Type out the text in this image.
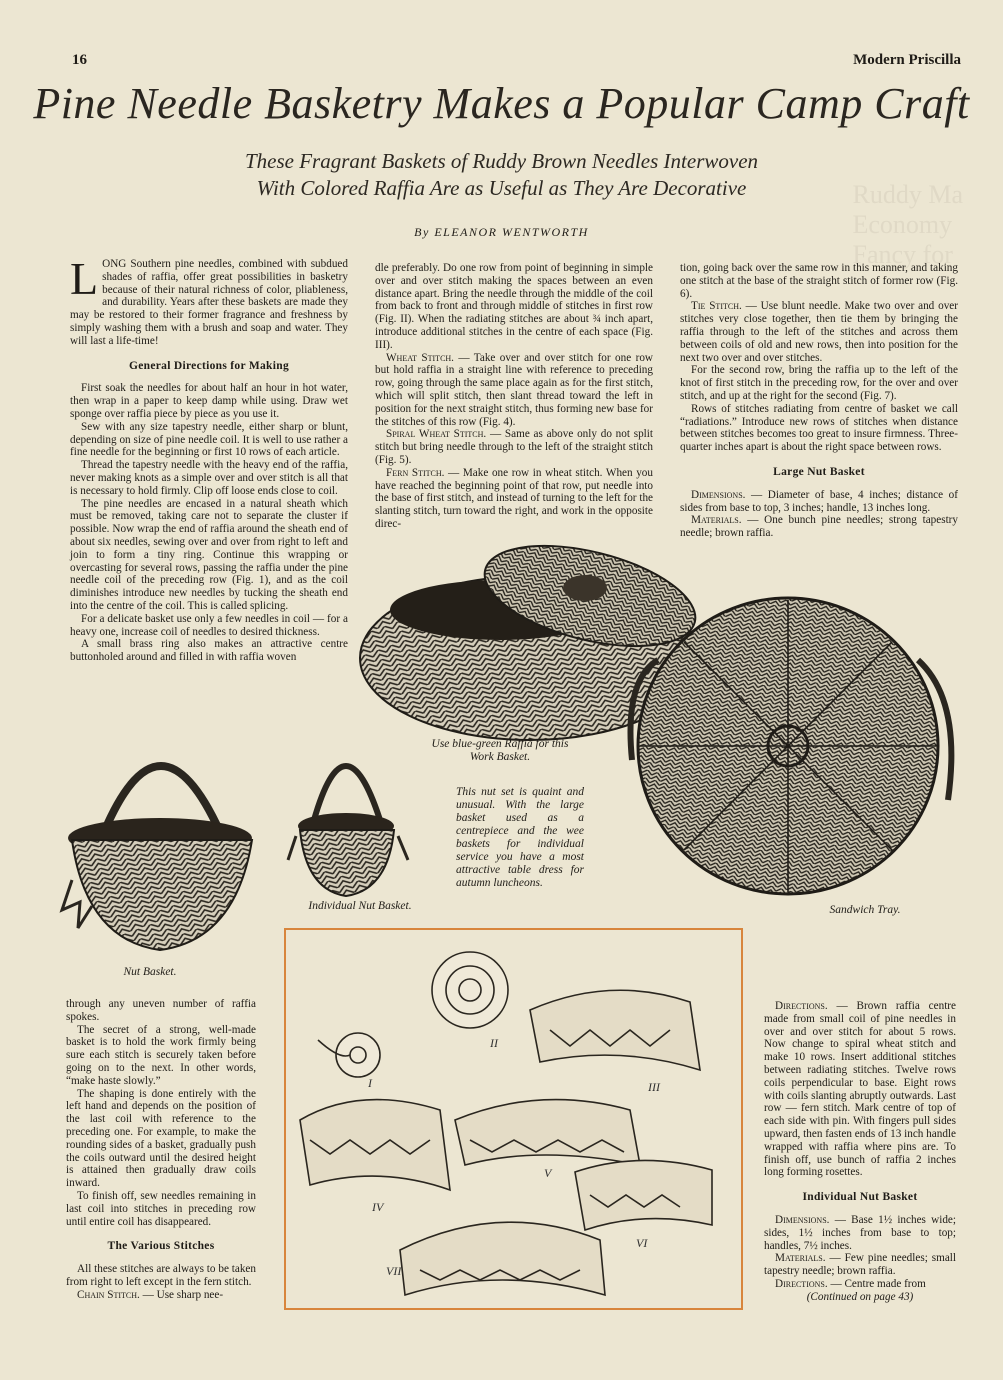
Ruddy Ma
Economy
Fancy for
16	Modern Priscilla
Pine Needle Basketry Makes a Popular Camp Craft
These Fragrant Baskets of Ruddy Brown Needles Interwoven
With Colored Raffia Are as Useful as They Are Decorative
By ELEANOR WENTWORTH

LONG Southern pine needles, combined with subdued shades of raffia, offer great possibilities in basketry because of their natural richness of color, pliableness, and durability. Years after these baskets are made they may be restored to their former fragrance and freshness by simply washing them with a brush and soap and water. They will last a life-time!

General Directions for Making

First soak the needles for about half an hour in hot water, then wrap in a paper to keep damp while using. Draw wet sponge over raffia piece by piece as you use it.

Sew with any size tapestry needle, either sharp or blunt, depending on size of pine needle coil. It is well to use rather a fine needle for the beginning or first 10 rows of each article.

Thread the tapestry needle with the heavy end of the raffia, never making knots as a simple over and over stitch is all that is necessary to hold firmly. Clip off loose ends close to coil.

The pine needles are encased in a natural sheath which must be removed, taking care not to separate the cluster if possible. Now wrap the end of raffia around the sheath end of about six needles, sewing over and over from right to left and join to form a tiny ring. Continue this wrapping or overcasting for several rows, passing the raffia under the pine needle coil of the preceding row (Fig. 1), and as the coil diminishes introduce new needles by tucking the sheath end into the centre of the coil. This is called splicing.

For a delicate basket use only a few needles in coil — for a heavy one, increase coil of needles to desired thickness.

A small brass ring also makes an attractive centre buttonholed around and filled in with raffia woven

dle preferably. Do one row from point of beginning in simple over and over stitch making the spaces between an even distance apart. Bring the needle through the middle of the coil from back to front and through middle of stitches in first row (Fig. II). When the radiating stitches are about ¾ inch apart, introduce additional stitches in the centre of each space (Fig. III).

Wheat Stitch. — Take over and over stitch for one row but hold raffia in a straight line with reference to preceding row, going through the same place again as for the first stitch, which will split stitch, then slant thread toward the left in position for the next straight stitch, thus forming new base for the stitches of this row (Fig. 4).

Spiral Wheat Stitch. — Same as above only do not split stitch but bring needle through to the left of the straight stitch (Fig. 5).

Fern Stitch. — Make one row in wheat stitch. When you have reached the beginning point of that row, put needle into the base of first stitch, and instead of turning to the left for the slanting stitch, turn toward the right, and work in the opposite direc-

tion, going back over the same row in this manner, and taking one stitch at the base of the straight stitch of former row (Fig. 6).

Tie Stitch. — Use blunt needle. Make two over and over stitches very close together, then tie them by bringing the raffia through to the left of the stitches and across them between coils of old and new rows, then into position for the next two over and over stitches.

For the second row, bring the raffia up to the left of the knot of first stitch in the preceding row, for the over and over stitch, and up at the right for the second (Fig. 7).

Rows of stitches radiating from centre of basket we call “radiations.” Introduce new rows of stitches when distance between stitches becomes too great to insure firmness. Three-quarter inches apart is about the right space between rows.

Large Nut Basket

Dimensions. — Diameter of base, 4 inches; distance of sides from base to top, 3 inches; handle, 13 inches long.

Materials. — One bunch pine needles; strong tapestry needle; brown raffia.

Use blue-green Raffia for this Work Basket.
This nut set is quaint and unusual. With the large basket used as a centrepiece and the wee baskets for individual service you have a most attractive table dress for autumn luncheons.
Individual Nut Basket.	Sandwich Tray.
Nut Basket.
I
II
III
IV
V
VI
VII

through any uneven number of raffia spokes.

The secret of a strong, well-made basket is to hold the work firmly being sure each stitch is securely taken before going on to the next. In other words, “make haste slowly.”

The shaping is done entirely with the left hand and depends on the position of the last coil with reference to the preceding one. For example, to make the rounding sides of a basket, gradually push the coils outward until the desired height is attained then gradually draw coils inward.

To finish off, sew needles remaining in last coil into stitches in preceding row until entire coil has disappeared.

The Various Stitches

All these stitches are always to be taken from right to left except in the fern stitch.

Chain Stitch. — Use sharp nee-

Directions. — Brown raffia centre made from small coil of pine needles in over and over stitch for about 5 rows. Now change to spiral wheat stitch and make 10 rows. Insert additional stitches between radiating stitches. Twelve rows coils perpendicular to base. Eight rows with coils slanting abruptly outwards. Last row — fern stitch. Mark centre of top of each side with pin. With fingers pull sides upward, then fasten ends of 13 inch handle wrapped with raffia where pins are. To finish off, use bunch of raffia 2 inches long forming rosettes.

Individual Nut Basket

Dimensions. — Base 1½ inches wide; sides, 1½ inches from base to top; handles, 7½ inches.

Materials. — Few pine needles; small tapestry needle; brown raffia.

Directions. — Centre made from

(Continued on page 43)
